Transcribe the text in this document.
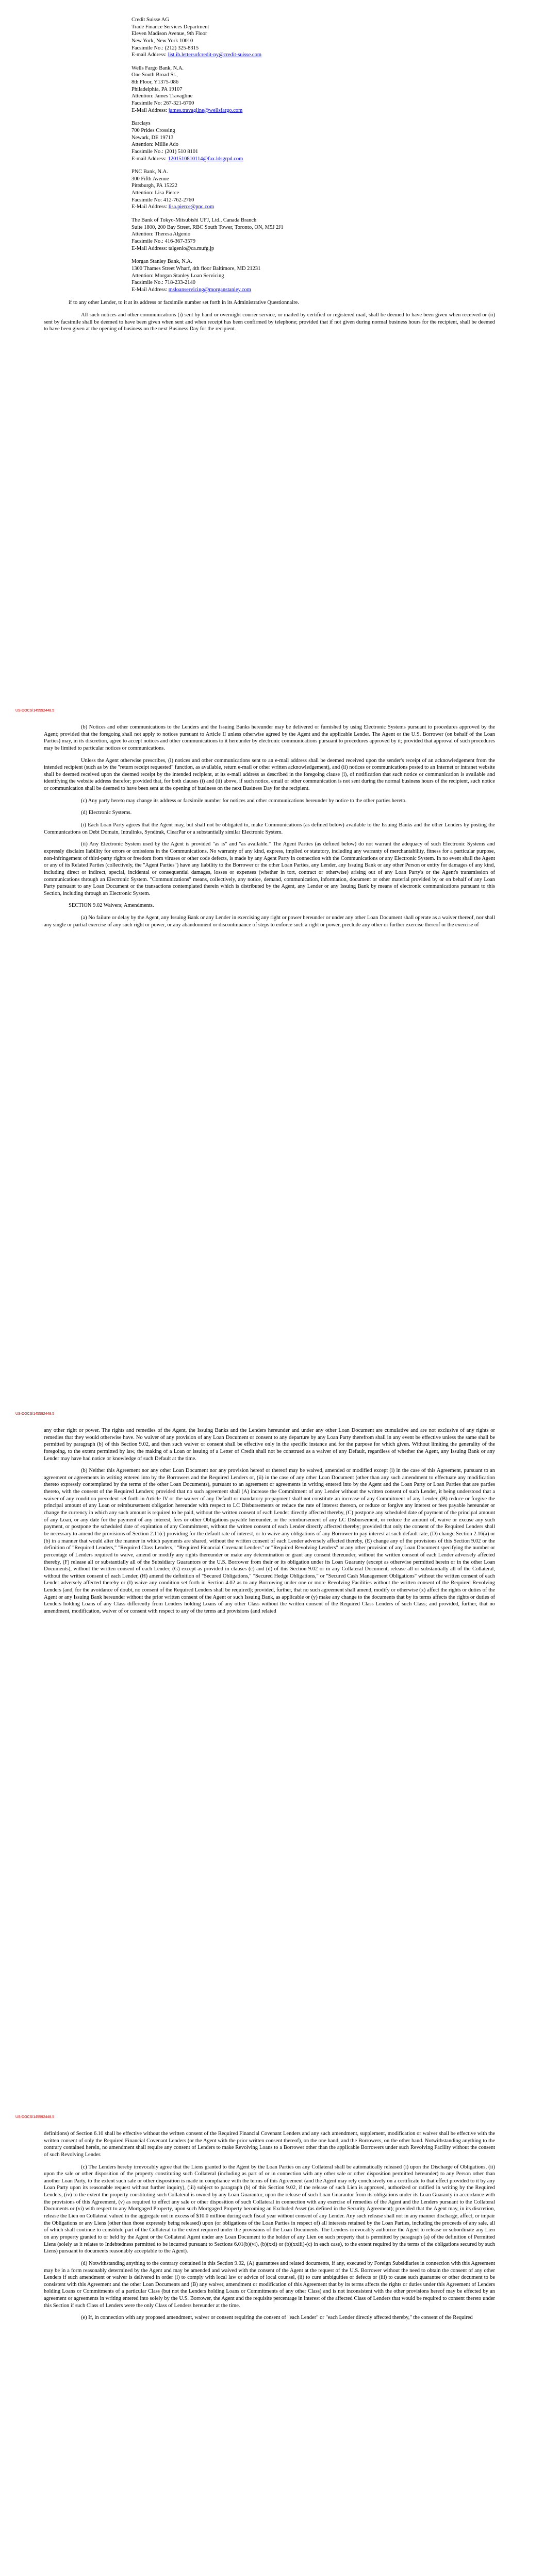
Credit Suisse AG
Trade Finance Services Department
Eleven Madison Avenue, 9th Floor
New York, New York 10010
Facsimile No.: (212) 325-8315
E-mail Address: list.ib.lettersofcredit-ny@credit-suisse.com
Wells Fargo Bank, N.A.
One South Broad St.,
8th Floor, Y1375-086
Philadelphia, PA 19107
Attention: James Travagline
Facsimile No: 267-321-6700
E-Mail Address: james.travagline@wellsfargo.com
Barclays
700 Prides Crossing
Newark, DE 19713
Attention: Millie Ado
Facsimile No.: (201) 510 8101
E-mail Address: 1201510810114@fax.ldsgrpd.com
PNC Bank, N.A.
300 Fifth Avenue
Pittsburgh, PA 15222
Attention: Lisa Pierce
Facsimile No: 412-762-2760
E-Mail Address: lisa.pierce@pnc.com
The Bank of Tokyo-Mitsubishi UFJ, Ltd., Canada Branch
Suite 1800, 200 Bay Street, RBC South Tower, Toronto, ON, M5J 2J1
Attention: Theresa Algenio
Facsimile No.: 416-367-3579
E-Mail Address: talgenio@ca.mufg.jp
Morgan Stanley Bank, N.A.
1300 Thames Street Wharf, 4th floor Baltimore, MD 21231
Attention: Morgan Stanley Loan Servicing
Facsimile No.: 718-233-2140
E-Mail Address: msloanservicing@morganstanley.com

if to any other Lender, to it at its address or facsimile number set forth in its Administrative Questionnaire.

All such notices and other communications (i) sent by hand or overnight courier service, or mailed by certified or registered mail, shall be deemed to have been given when received or (ii) sent by facsimile shall be deemed to have been given when sent and when receipt has been confirmed by telephone; provided that if not given during normal business hours for the recipient, shall be deemed to have been given at the opening of business on the next Business Day for the recipient.

US-DOCS\145592448.5

(b) Notices and other communications to the Lenders and the Issuing Banks hereunder may be delivered or furnished by using Electronic Systems pursuant to procedures approved by the Agent; provided that the foregoing shall not apply to notices pursuant to Article II unless otherwise agreed by the Agent and the applicable Lender. The Agent or the U.S. Borrower (on behalf of the Loan Parties) may, in its discretion, agree to accept notices and other communications to it hereunder by electronic communications pursuant to procedures approved by it; provided that approval of such procedures may be limited to particular notices or communications.

Unless the Agent otherwise prescribes, (i) notices and other communications sent to an e-mail address shall be deemed received upon the sender's receipt of an acknowledgement from the intended recipient (such as by the "return receipt requested" function, as available, return e-mail or other written acknowledgement), and (ii) notices or communications posted to an Internet or intranet website shall be deemed received upon the deemed receipt by the intended recipient, at its e-mail address as described in the foregoing clause (i), of notification that such notice or communication is available and identifying the website address therefor; provided that, for both clauses (i) and (ii) above, if such notice, email or other communication is not sent during the normal business hours of the recipient, such notice or communication shall be deemed to have been sent at the opening of business on the next Business Day for the recipient.

(c) Any party hereto may change its address or facsimile number for notices and other communications hereunder by notice to the other parties hereto.

(d) Electronic Systems.

(i) Each Loan Party agrees that the Agent may, but shall not be obligated to, make Communications (as defined below) available to the Issuing Banks and the other Lenders by posting the Communications on Debt Domain, Intralinks, Syndtrak, ClearPar or a substantially similar Electronic System.

(ii) Any Electronic System used by the Agent is provided "as is" and "as available." The Agent Parties (as defined below) do not warrant the adequacy of such Electronic Systems and expressly disclaim liability for errors or omissions in the Communications. No warranty of any kind, express, implied or statutory, including any warranty of merchantability, fitness for a particular purpose, non-infringement of third-party rights or freedom from viruses or other code defects, is made by any Agent Party in connection with the Communications or any Electronic System. In no event shall the Agent or any of its Related Parties (collectively, the "Agent Parties") have any liability to the Borrower or the other Loan Parties, any Lender, any Issuing Bank or any other Person or entity for damages of any kind, including direct or indirect, special, incidental or consequential damages, losses or expenses (whether in tort, contract or otherwise) arising out of any Loan Party's or the Agent's transmission of communications through an Electronic System. "Communications" means, collectively, any notice, demand, communication, information, document or other material provided by or on behalf of any Loan Party pursuant to any Loan Document or the transactions contemplated therein which is distributed by the Agent, any Lender or any Issuing Bank by means of electronic communications pursuant to this Section, including through an Electronic System.

SECTION 9.02 Waivers; Amendments.

(a) No failure or delay by the Agent, any Issuing Bank or any Lender in exercising any right or power hereunder or under any other Loan Document shall operate as a waiver thereof, nor shall any single or partial exercise of any such right or power, or any abandonment or discontinuance of steps to enforce such a right or power, preclude any other or further exercise thereof or the exercise of

US-DOCS\145592448.5

any other right or power. The rights and remedies of the Agent, the Issuing Banks and the Lenders hereunder and under any other Loan Document are cumulative and are not exclusive of any rights or remedies that they would otherwise have. No waiver of any provision of any Loan Document or consent to any departure by any Loan Party therefrom shall in any event be effective unless the same shall be permitted by paragraph (b) of this Section 9.02, and then such waiver or consent shall be effective only in the specific instance and for the purpose for which given. Without limiting the generality of the foregoing, to the extent permitted by law, the making of a Loan or issuing of a Letter of Credit shall not be construed as a waiver of any Default, regardless of whether the Agent, any Issuing Bank or any Lender may have had notice or knowledge of such Default at the time.

(b) Neither this Agreement nor any other Loan Document nor any provision hereof or thereof may be waived, amended or modified except (i) in the case of this Agreement, pursuant to an agreement or agreements in writing entered into by the Borrowers and the Required Lenders or, (ii) in the case of any other Loan Document (other than any such amendment to effectuate any modification thereto expressly contemplated by the terms of the other Loan Documents), pursuant to an agreement or agreements in writing entered into by the Agent and the Loan Party or Loan Parties that are parties thereto, with the consent of the Required Lenders; provided that no such agreement shall (A) increase the Commitment of any Lender without the written consent of such Lender, it being understood that a waiver of any condition precedent set forth in Article IV or the waiver of any Default or mandatory prepayment shall not constitute an increase of any Commitment of any Lender, (B) reduce or forgive the principal amount of any Loan or reimbursement obligation hereunder with respect to LC Disbursements or reduce the rate of interest thereon, or reduce or forgive any interest or fees payable hereunder or change the currency in which any such amount is required to be paid, without the written consent of each Lender directly affected thereby, (C) postpone any scheduled date of payment of the principal amount of any Loan, or any date for the payment of any interest, fees or other Obligations payable hereunder, or the reimbursement of any LC Disbursement, or reduce the amount of, waive or excuse any such payment, or postpone the scheduled date of expiration of any Commitment, without the written consent of each Lender directly affected thereby; provided that only the consent of the Required Lenders shall be necessary to amend the provisions of Section 2.11(c) providing for the default rate of interest, or to waive any obligations of any Borrower to pay interest at such default rate, (D) change Section 2.16(a) or (b) in a manner that would alter the manner in which payments are shared, without the written consent of each Lender adversely affected thereby, (E) change any of the provisions of this Section 9.02 or the definition of "Required Lenders," "Required Class Lenders," "Required Financial Covenant Lenders" or "Required Revolving Lenders" or any other provision of any Loan Document specifying the number or percentage of Lenders required to waive, amend or modify any rights thereunder or make any determination or grant any consent thereunder, without the written consent of each Lender adversely affected thereby, (F) release all or substantially all of the Subsidiary Guarantors or the U.S. Borrower from their or its obligation under its Loan Guaranty (except as otherwise permitted herein or in the other Loan Documents), without the written consent of each Lender, (G) except as provided in clauses (c) and (d) of this Section 9.02 or in any Collateral Document, release all or substantially all of the Collateral, without the written consent of each Lender, (H) amend the definition of "Secured Obligations," "Secured Hedge Obligations," or "Secured Cash Management Obligations" without the written consent of each Lender adversely affected thereby or (I) waive any condition set forth in Section 4.02 as to any Borrowing under one or more Revolving Facilities without the written consent of the Required Revolving Lenders (and, for the avoidance of doubt, no consent of the Required Lenders shall be required); provided, further, that no such agreement shall amend, modify or otherwise (x) affect the rights or duties of the Agent or any Issuing Bank hereunder without the prior written consent of the Agent or such Issuing Bank, as applicable or (y) make any change to the documents that by its terms affects the rights or duties of Lenders holding Loans of any Class differently from Lenders holding Loans of any other Class without the written consent of the Required Class Lenders of such Class; and provided, further, that no amendment, modification, waiver of or consent with respect to any of the terms and provisions (and related

US-DOCS\145592448.5

definitions) of Section 6.10 shall be effective without the written consent of the Required Financial Covenant Lenders and any such amendment, supplement, modification or waiver shall be effective with the written consent of only the Required Financial Covenant Lenders (or the Agent with the prior written consent thereof), on the one hand, and the Borrowers, on the other hand. Notwithstanding anything to the contrary contained herein, no amendment shall require any consent of Lenders to make Revolving Loans to a Borrower other than the applicable Borrowers under such Revolving Facility without the consent of such Revolving Lender.

(c) The Lenders hereby irrevocably agree that the Liens granted to the Agent by the Loan Parties on any Collateral shall be automatically released (i) upon the Discharge of Obligations, (ii) upon the sale or other disposition of the property constituting such Collateral (including as part of or in connection with any other sale or other disposition permitted hereunder) to any Person other than another Loan Party, to the extent such sale or other disposition is made in compliance with the terms of this Agreement (and the Agent may rely conclusively on a certificate to that effect provided to it by any Loan Party upon its reasonable request without further inquiry), (iii) subject to paragraph (b) of this Section 9.02, if the release of such Lien is approved, authorized or ratified in writing by the Required Lenders, (iv) to the extent the property constituting such Collateral is owned by any Loan Guarantor, upon the release of such Loan Guarantor from its obligations under its Loan Guaranty in accordance with the provisions of this Agreement, (v) as required to effect any sale or other disposition of such Collateral in connection with any exercise of remedies of the Agent and the Lenders pursuant to the Collateral Documents or (vi) with respect to any Mortgaged Property, upon such Mortgaged Property becoming an Excluded Asset (as defined in the Security Agreement); provided that the Agent may, in its discretion, release the Lien on Collateral valued in the aggregate not in excess of $10.0 million during each fiscal year without consent of any Lender. Any such release shall not in any manner discharge, affect, or impair the Obligations or any Liens (other than those expressly being released) upon (or obligations of the Loan Parties in respect of) all interests retained by the Loan Parties, including the proceeds of any sale, all of which shall continue to constitute part of the Collateral to the extent required under the provisions of the Loan Documents. The Lenders irrevocably authorize the Agent to release or subordinate any Lien on any property granted to or held by the Agent or the Collateral Agent under any Loan Document to the holder of any Lien on such property that is permitted by paragraph (a) of the definition of Permitted Liens (solely as it relates to Indebtedness permitted to be incurred pursuant to Sections 6.01(b)(vi), (b)(xxi) or (b)(xxiii)-(c) in each case), to the extent required by the terms of the obligations secured by such Liens) pursuant to documents reasonably acceptable to the Agent).

(d) Notwithstanding anything to the contrary contained in this Section 9.02, (A) guarantees and related documents, if any, executed by Foreign Subsidiaries in connection with this Agreement may be in a form reasonably determined by the Agent and may be amended and waived with the consent of the Agent at the request of the U.S. Borrower without the need to obtain the consent of any other Lenders if such amendment or waiver is delivered in order (i) to comply with local law or advice of local counsel, (ii) to cure ambiguities or defects or (iii) to cause such guarantee or other document to be consistent with this Agreement and the other Loan Documents and (B) any waiver, amendment or modification of this Agreement that by its terms affects the rights or duties under this Agreement of Lenders holding Loans or Commitments of a particular Class (but not the Lenders holding Loans or Commitments of any other Class) and is not inconsistent with the other provisions hereof may be effected by an agreement or agreements in writing entered into solely by the U.S. Borrower, the Agent and the requisite percentage in interest of the affected Class of Lenders that would be required to consent thereto under this Section if such Class of Lenders were the only Class of Lenders hereunder at the time.

(e) If, in connection with any proposed amendment, waiver or consent requiring the consent of "each Lender" or "each Lender directly affected thereby," the consent of the Required
